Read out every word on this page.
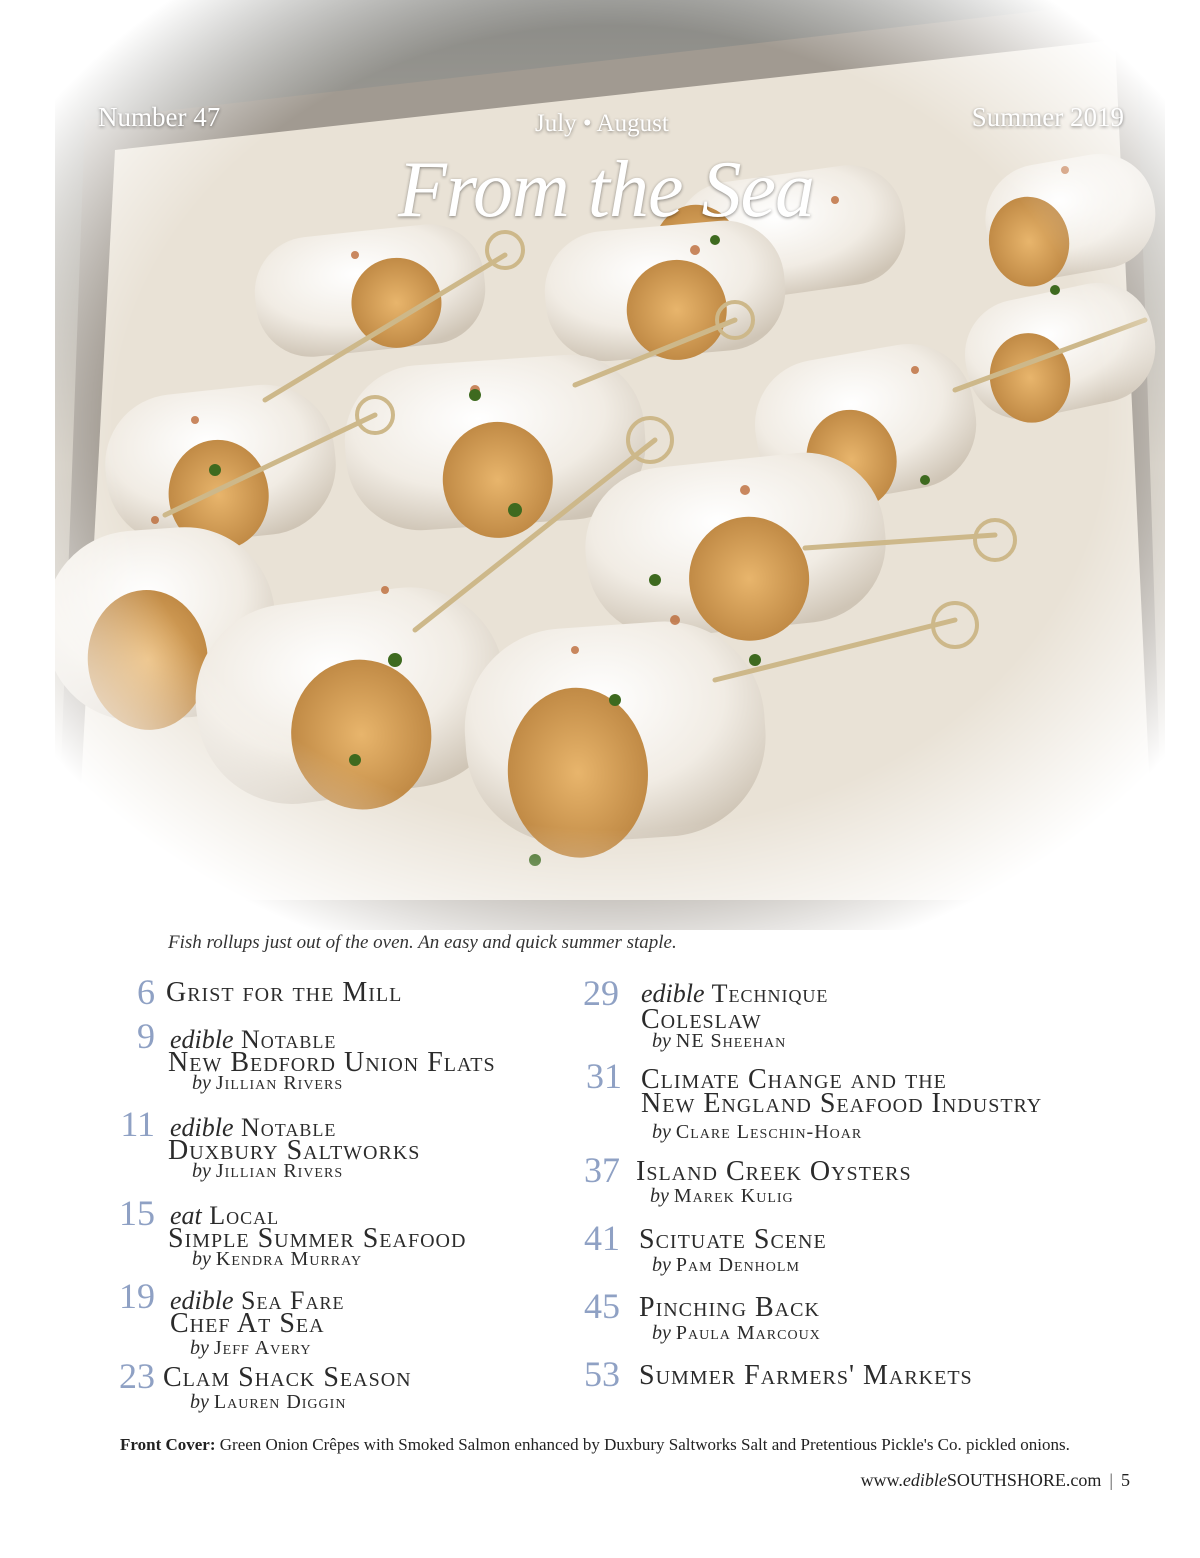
Number 47	July • August	Summer 2019
From the Sea
Fish rollups just out of the oven. An easy and quick summer staple.
6 Grist for the Mill
9 edible Notable
New Bedford Union Flats
by Jillian Rivers
11 edible Notable
Duxbury Saltworks
by Jillian Rivers
15 eat Local
Simple Summer Seafood
by Kendra Murray
19 edible Sea Fare
Chef At Sea
by Jeff Avery
23 Clam Shack Season
by Lauren Diggin
29 edible Technique
Coleslaw
by NE Sheehan
31 Climate Change and the
New England Seafood Industry
by Clare Leschin-Hoar
37 Island Creek Oysters
by Marek Kulig
41 Scituate Scene
by Pam Denholm
45 Pinching Back
by Paula Marcoux
53 Summer Farmers' Markets
Front Cover: Green Onion Crêpes with Smoked Salmon enhanced by Duxbury Saltworks Salt and Pretentious Pickle's Co. pickled onions.
www.edibleSOUTHSHORE.com | 5
